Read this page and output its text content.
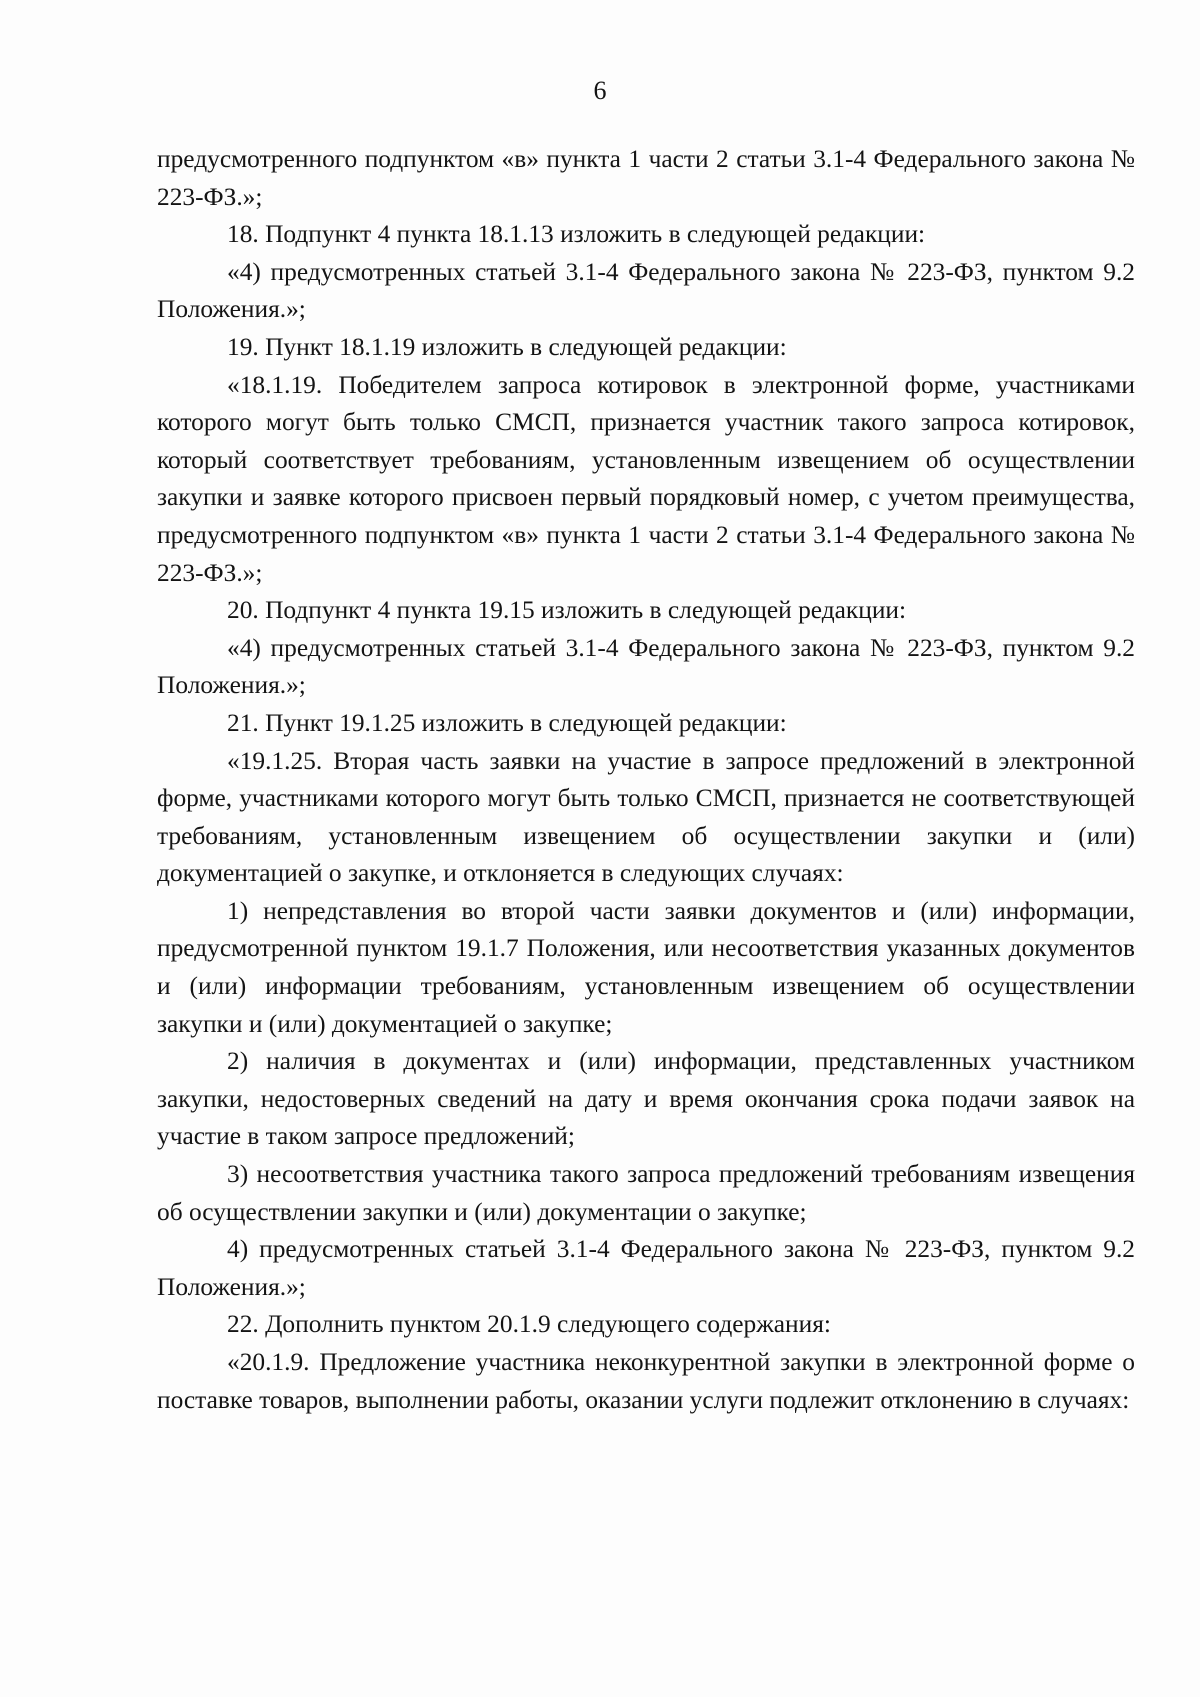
6

предусмотренного подпунктом «в» пункта 1 части 2 статьи 3.1-4 Федерального закона № 223-ФЗ.»;

18. Подпункт 4 пункта 18.1.13 изложить в следующей редакции:

«4) предусмотренных статьей 3.1-4 Федерального закона № 223-ФЗ, пунктом 9.2 Положения.»;

19. Пункт 18.1.19 изложить в следующей редакции:

«18.1.19. Победителем запроса котировок в электронной форме, участниками которого могут быть только СМСП, признается участник такого запроса котировок, который соответствует требованиям, установленным извещением об осуществлении закупки и заявке которого присвоен первый порядковый номер, с учетом преимущества, предусмотренного подпунктом «в» пункта 1 части 2 статьи 3.1-4 Федерального закона № 223-ФЗ.»;

20. Подпункт 4 пункта 19.15 изложить в следующей редакции:

«4) предусмотренных статьей 3.1-4 Федерального закона № 223-ФЗ, пунктом 9.2 Положения.»;

21. Пункт 19.1.25 изложить в следующей редакции:

«19.1.25. Вторая часть заявки на участие в запросе предложений в электронной форме, участниками которого могут быть только СМСП, признается не соответствующей требованиям, установленным извещением об осуществлении закупки и (или) документацией о закупке, и отклоняется в следующих случаях:

1) непредставления во второй части заявки документов и (или) информации, предусмотренной пунктом 19.1.7 Положения, или несоответствия указанных документов и (или) информации требованиям, установленным извещением об осуществлении закупки и (или) документацией о закупке;

2) наличия в документах и (или) информации, представленных участником закупки, недостоверных сведений на дату и время окончания срока подачи заявок на участие в таком запросе предложений;

3) несоответствия участника такого запроса предложений требованиям извещения об осуществлении закупки и (или) документации о закупке;

4) предусмотренных статьей 3.1-4 Федерального закона № 223-ФЗ, пунктом 9.2 Положения.»;

22. Дополнить пунктом 20.1.9 следующего содержания:

«20.1.9. Предложение участника неконкурентной закупки в электронной форме о поставке товаров, выполнении работы, оказании услуги подлежит отклонению в случаях:
